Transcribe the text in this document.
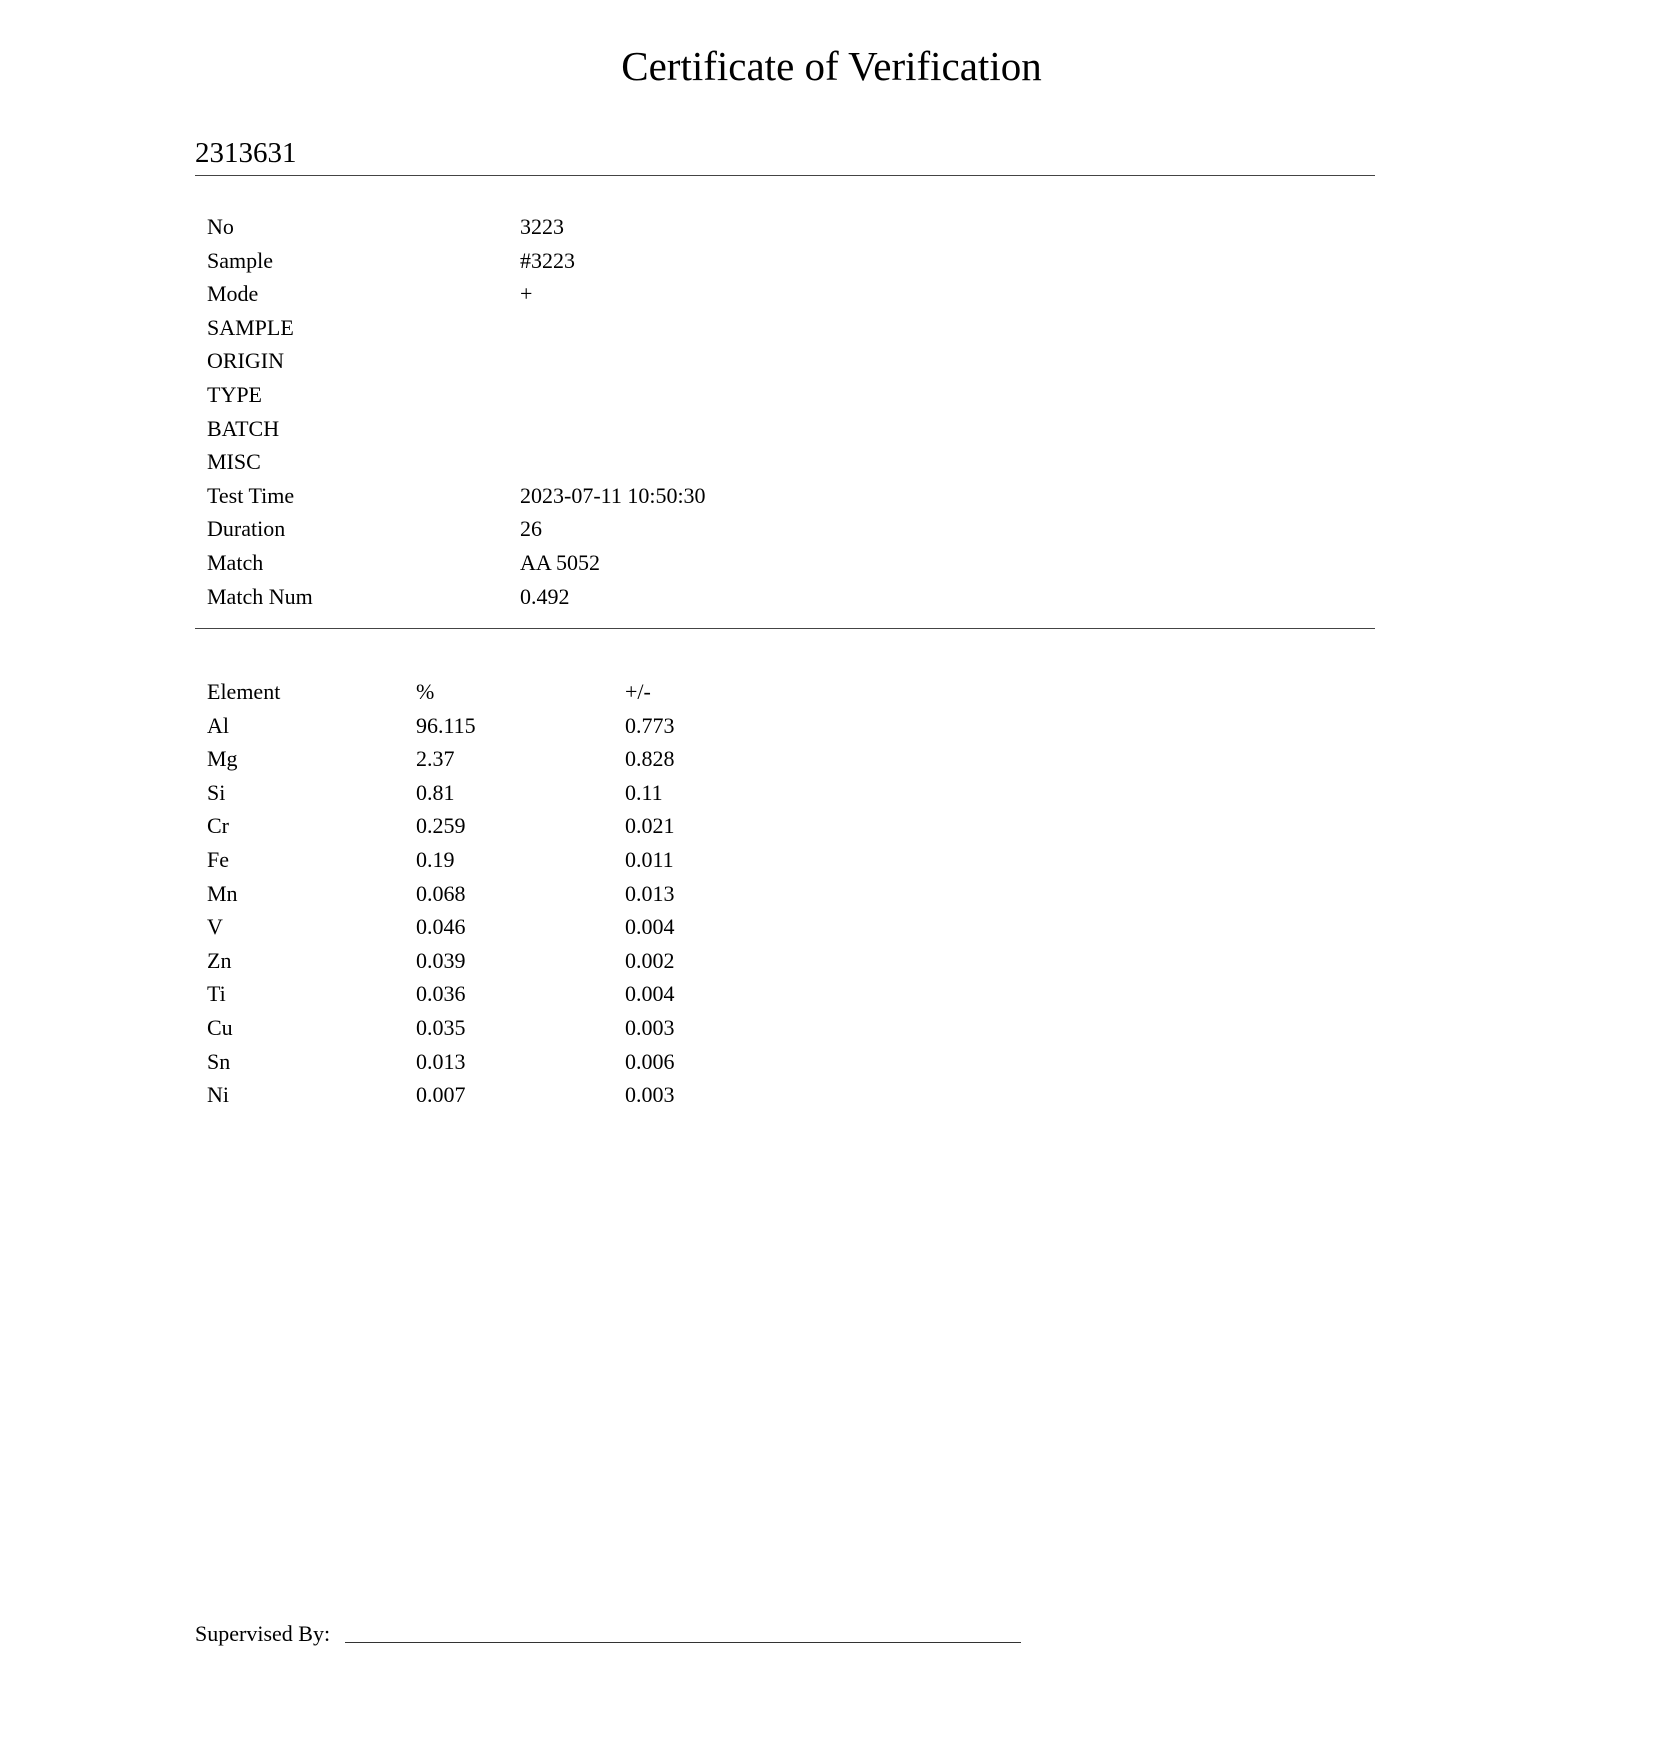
Certificate of Verification
2313631
No	3223
Sample	#3223
Mode	+
SAMPLE
ORIGIN
TYPE
BATCH
MISC
Test Time	2023-07-11 10:50:30
Duration	26
Match	AA 5052
Match Num	0.492
Element	%	+/-
Al	96.115	0.773
Mg	2.37	0.828
Si	0.81	0.11
Cr	0.259	0.021
Fe	0.19	0.011
Mn	0.068	0.013
V	0.046	0.004
Zn	0.039	0.002
Ti	0.036	0.004
Cu	0.035	0.003
Sn	0.013	0.006
Ni	0.007	0.003
Supervised By:
